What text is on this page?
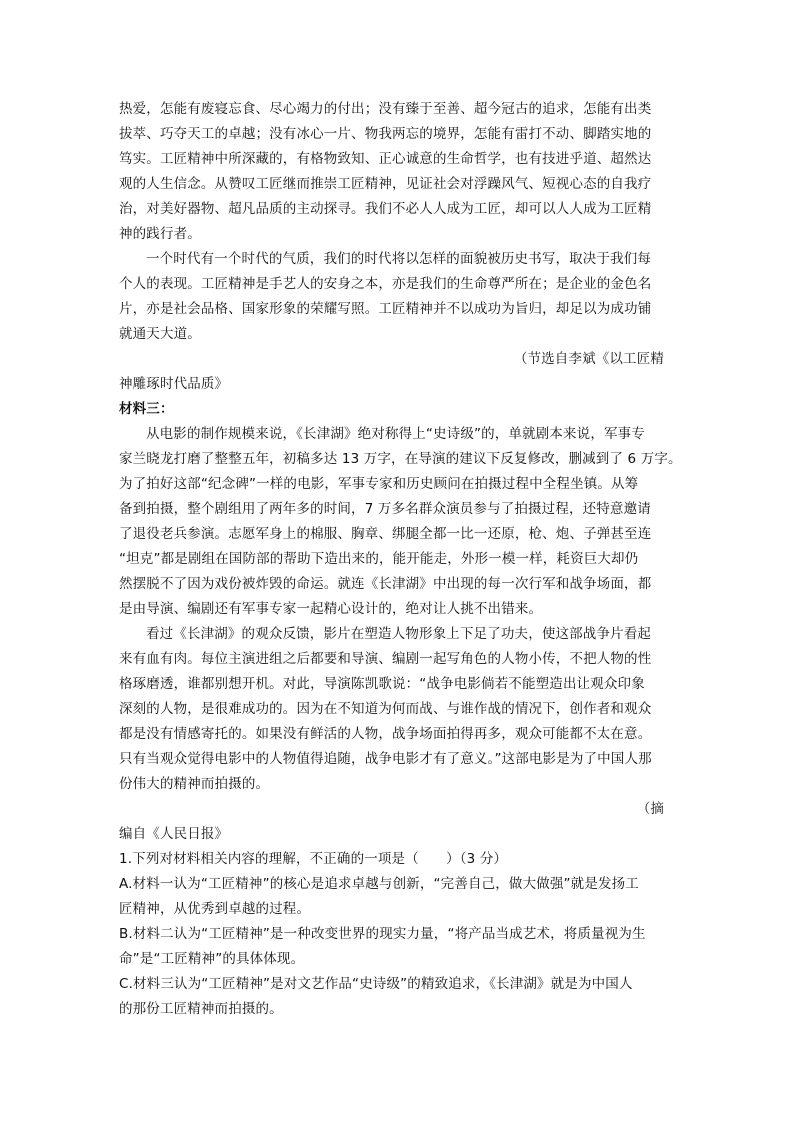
热爱，怎能有废寝忘食、尽心竭力的付出；没有臻于至善、超今冠古的追求，怎能有出类
拔萃、巧夺天工的卓越；没有冰心一片、物我两忘的境界，怎能有雷打不动、脚踏实地的
笃实。工匠精神中所深藏的，有格物致知、正心诚意的生命哲学，也有技进乎道、超然达
观的人生信念。从赞叹工匠继而推崇工匠精神，见证社会对浮躁风气、短视心态的自我疗
治，对美好器物、超凡品质的主动探寻。我们不必人人成为工匠，却可以人人成为工匠精
神的践行者。
一个时代有一个时代的气质，我们的时代将以怎样的面貌被历史书写，取决于我们每
个人的表现。工匠精神是手艺人的安身之本，亦是我们的生命尊严所在；是企业的金色名
片，亦是社会品格、国家形象的荣耀写照。工匠精神并不以成功为旨归，却足以为成功铺
就通天大道。
（节选自李斌《以工匠精
神雕琢时代品质》
材料三：
从电影的制作规模来说，《长津湖》绝对称得上“史诗级”的，单就剧本来说，军事专
家兰晓龙打磨了整整五年，初稿多达 13 万字，在导演的建议下反复修改，删减到了 6 万字。
为了拍好这部“纪念碑”一样的电影，军事专家和历史顾问在拍摄过程中全程坐镇。从筹
备到拍摄，整个剧组用了两年多的时间，7 万多名群众演员参与了拍摄过程，还特意邀请
了退役老兵参演。志愿军身上的棉服、胸章、绑腿全都一比一还原，枪、炮、子弹甚至连
“坦克”都是剧组在国防部的帮助下造出来的，能开能走，外形一模一样，耗资巨大却仍
然摆脱不了因为戏份被炸毁的命运。就连《长津湖》中出现的每一次行军和战争场面，都
是由导演、编剧还有军事专家一起精心设计的，绝对让人挑不出错来。
看过《长津湖》的观众反馈，影片在塑造人物形象上下足了功夫，使这部战争片看起
来有血有肉。每位主演进组之后都要和导演、编剧一起写角色的人物小传，不把人物的性
格琢磨透，谁都别想开机。对此，导演陈凯歌说：“战争电影倘若不能塑造出让观众印象
深刻的人物，是很难成功的。因为在不知道为何而战、与谁作战的情况下，创作者和观众
都是没有情感寄托的。如果没有鲜活的人物，战争场面拍得再多，观众可能都不太在意。
只有当观众觉得电影中的人物值得追随，战争电影才有了意义。”这部电影是为了中国人那
份伟大的精神而拍摄的。
（摘
编自《人民日报》
1.下列对材料相关内容的理解，不正确的一项是（　　）（3 分）
A.材料一认为“工匠精神”的核心是追求卓越与创新，“完善自己，做大做强”就是发扬工
匠精神，从优秀到卓越的过程。
B.材料二认为“工匠精神”是一种改变世界的现实力量，“将产品当成艺术，将质量视为生
命”是“工匠精神”的具体体现。
C.材料三认为“工匠精神”是对文艺作品“史诗级”的精致追求，《长津湖》就是为中国人
的那份工匠精神而拍摄的。
